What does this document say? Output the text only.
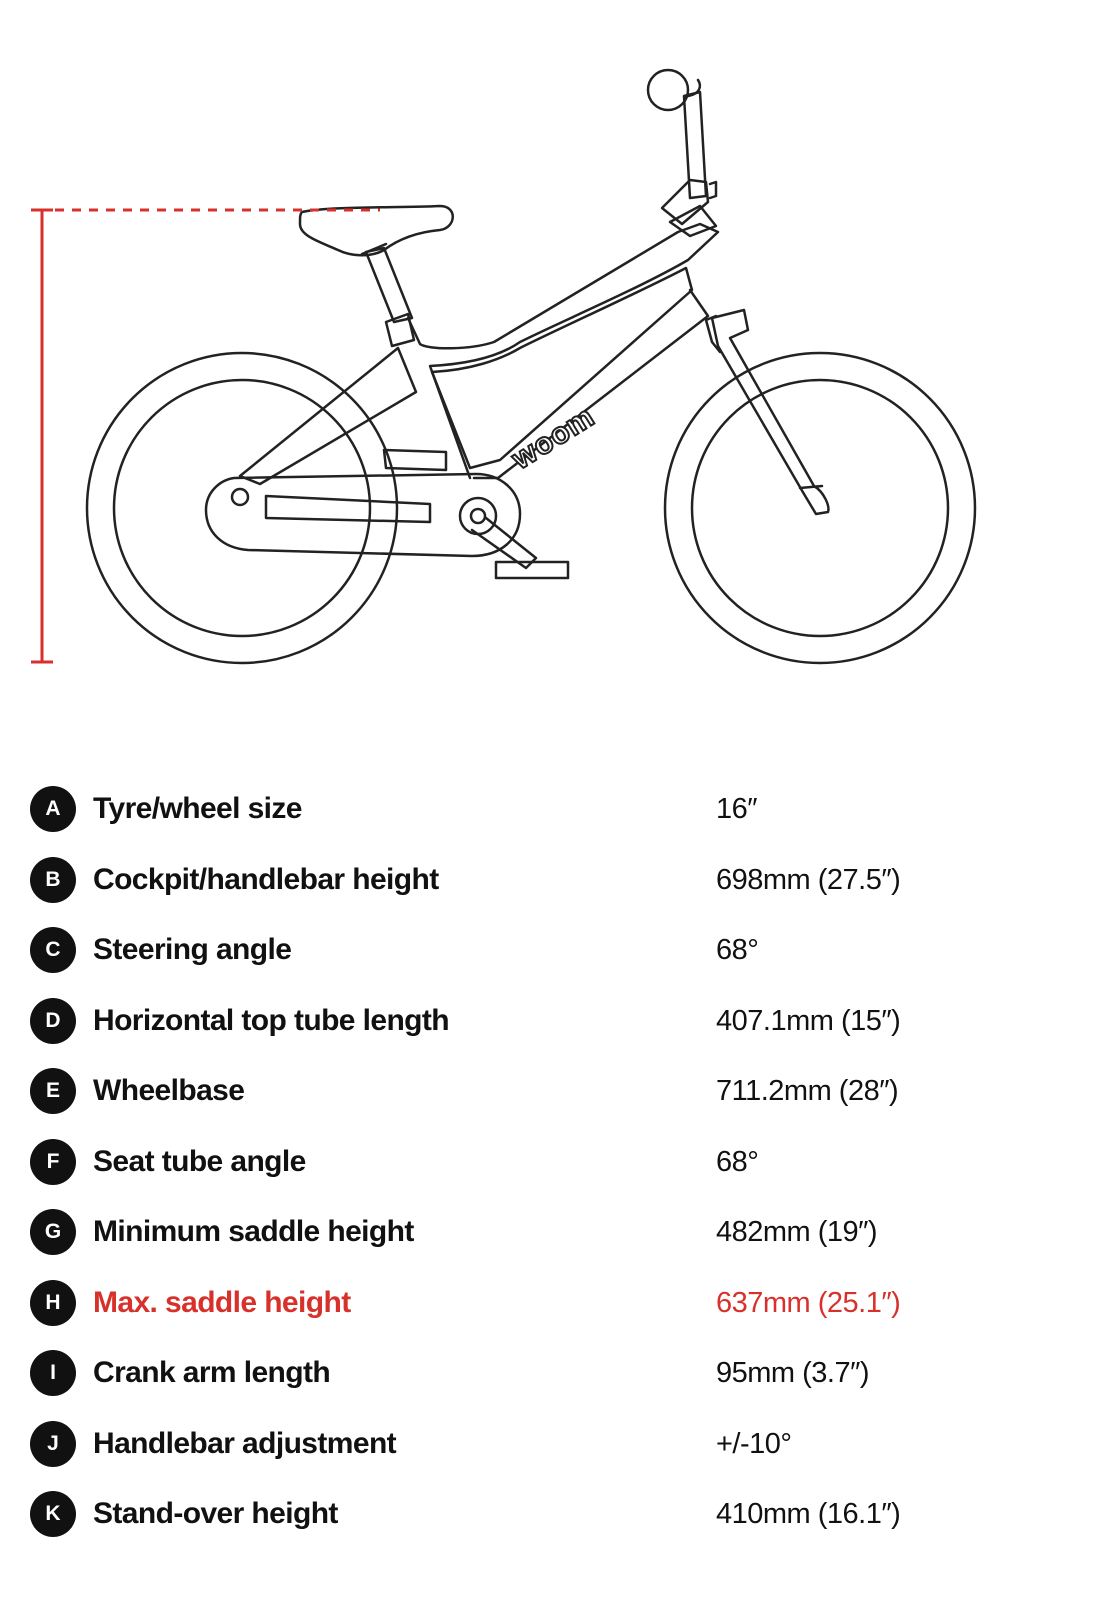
woom
A	Tyre/wheel size	16″
B	Cockpit/handlebar height	698mm (27.5″)
C	Steering angle	68°
D	Horizontal top tube length	407.1mm (15″)
E	Wheelbase	711.2mm (28″)
F	Seat tube angle	68°
G	Minimum saddle height	482mm (19″)
H	Max. saddle height	637mm (25.1″)
I	Crank arm length	95mm (3.7″)
J	Handlebar adjustment	+/-10°
K	Stand-over height	410mm (16.1″)
